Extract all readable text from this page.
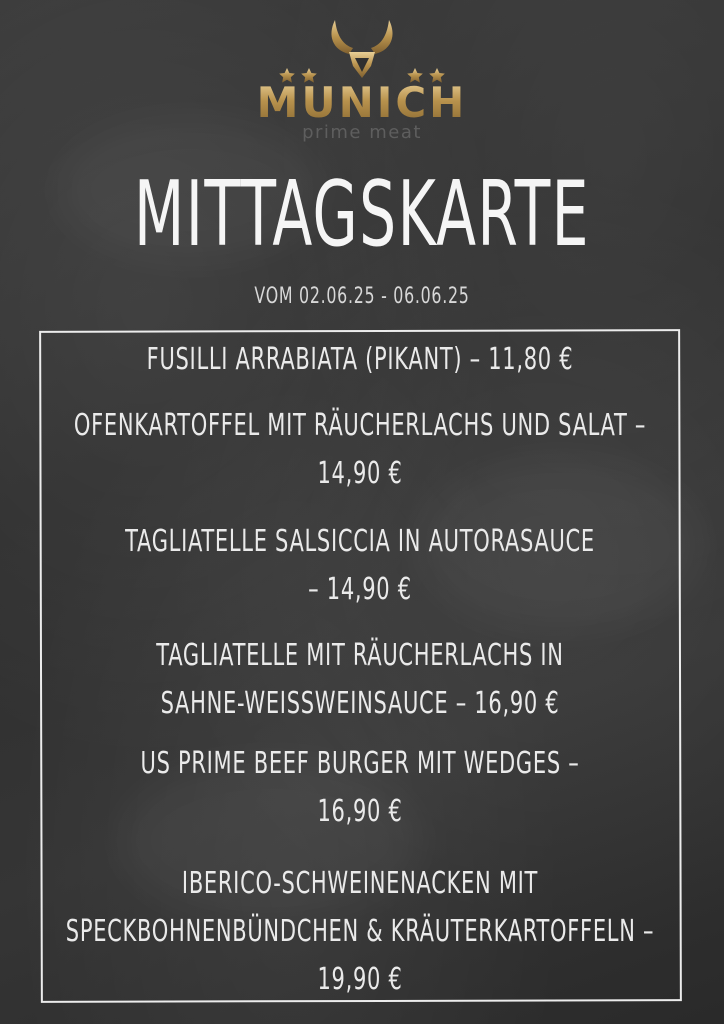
MUNICH
prime meat
MITTAGSKARTE
VOM 02.06.25 - 06.06.25
FUSILLI ARRABIATA (PIKANT) – 11,80 €
OFENKARTOFFEL MIT RÄUCHERLACHS UND SALAT –
14,90 €
TAGLIATELLE SALSICCIA IN AUTORASAUCE
– 14,90 €
TAGLIATELLE MIT RÄUCHERLACHS IN
SAHNE-WEISSWEINSAUCE – 16,90 €
US PRIME BEEF BURGER MIT WEDGES –
16,90 €
IBERICO-SCHWEINENACKEN MIT
SPECKBOHNENBÜNDCHEN & KRÄUTERKARTOFFELN –
19,90 €
